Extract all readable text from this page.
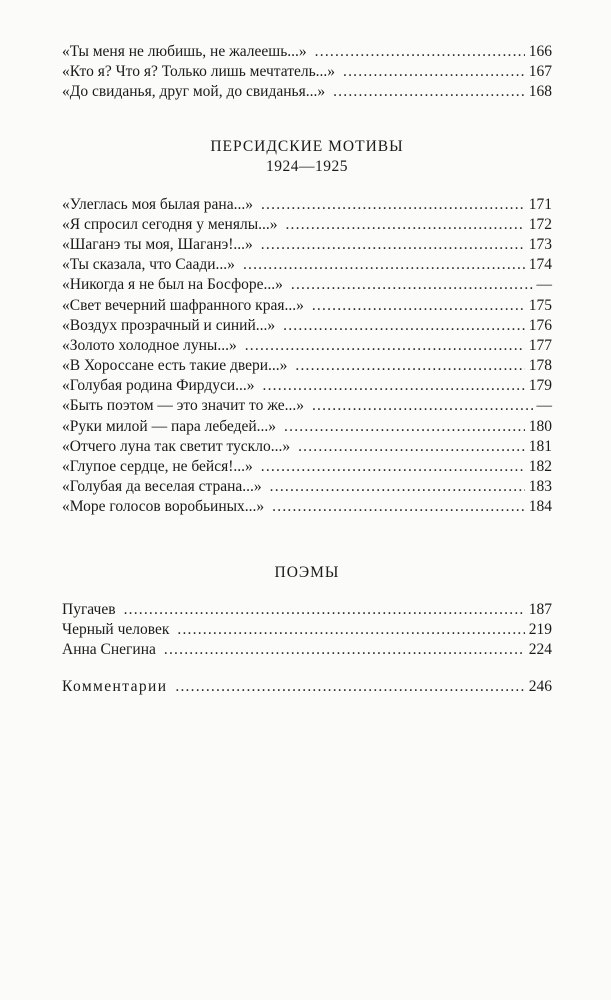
«Ты меня не любишь, не жалеешь...» .....	166
«Кто я? Что я? Только лишь мечтатель...» .....	167
«До свиданья, друг мой, до свиданья...» .....	168

ПЕРСИДСКИЕ МОТИВЫ

1924—1925

«Улеглась моя былая рана...» .....	171
«Я спросил сегодня у менялы...» .....	172
«Шаганэ ты моя, Шаганэ!...» .....	173
«Ты сказала, что Саади...» .....	174
«Никогда я не был на Босфоре...» .....	—
«Свет вечерний шафранного края...» .....	175
«Воздух прозрачный и синий...» .....	176
«Золото холодное луны...» .....	177
«В Хороссане есть такие двери...» .....	178
«Голубая родина Фирдуси...» .....	179
«Быть поэтом — это значит то же...» .....	—
«Руки милой — пара лебедей...» .....	180
«Отчего луна так светит тускло...» .....	181
«Глупое сердце, не бейся!...» .....	182
«Голубая да веселая страна...» .....	183
«Море голосов воробьиных...» .....	184

ПОЭМЫ

Пугачев .....	187
Черный человек .....	219
Анна Снегина .....	224
Комментарии .....	246
